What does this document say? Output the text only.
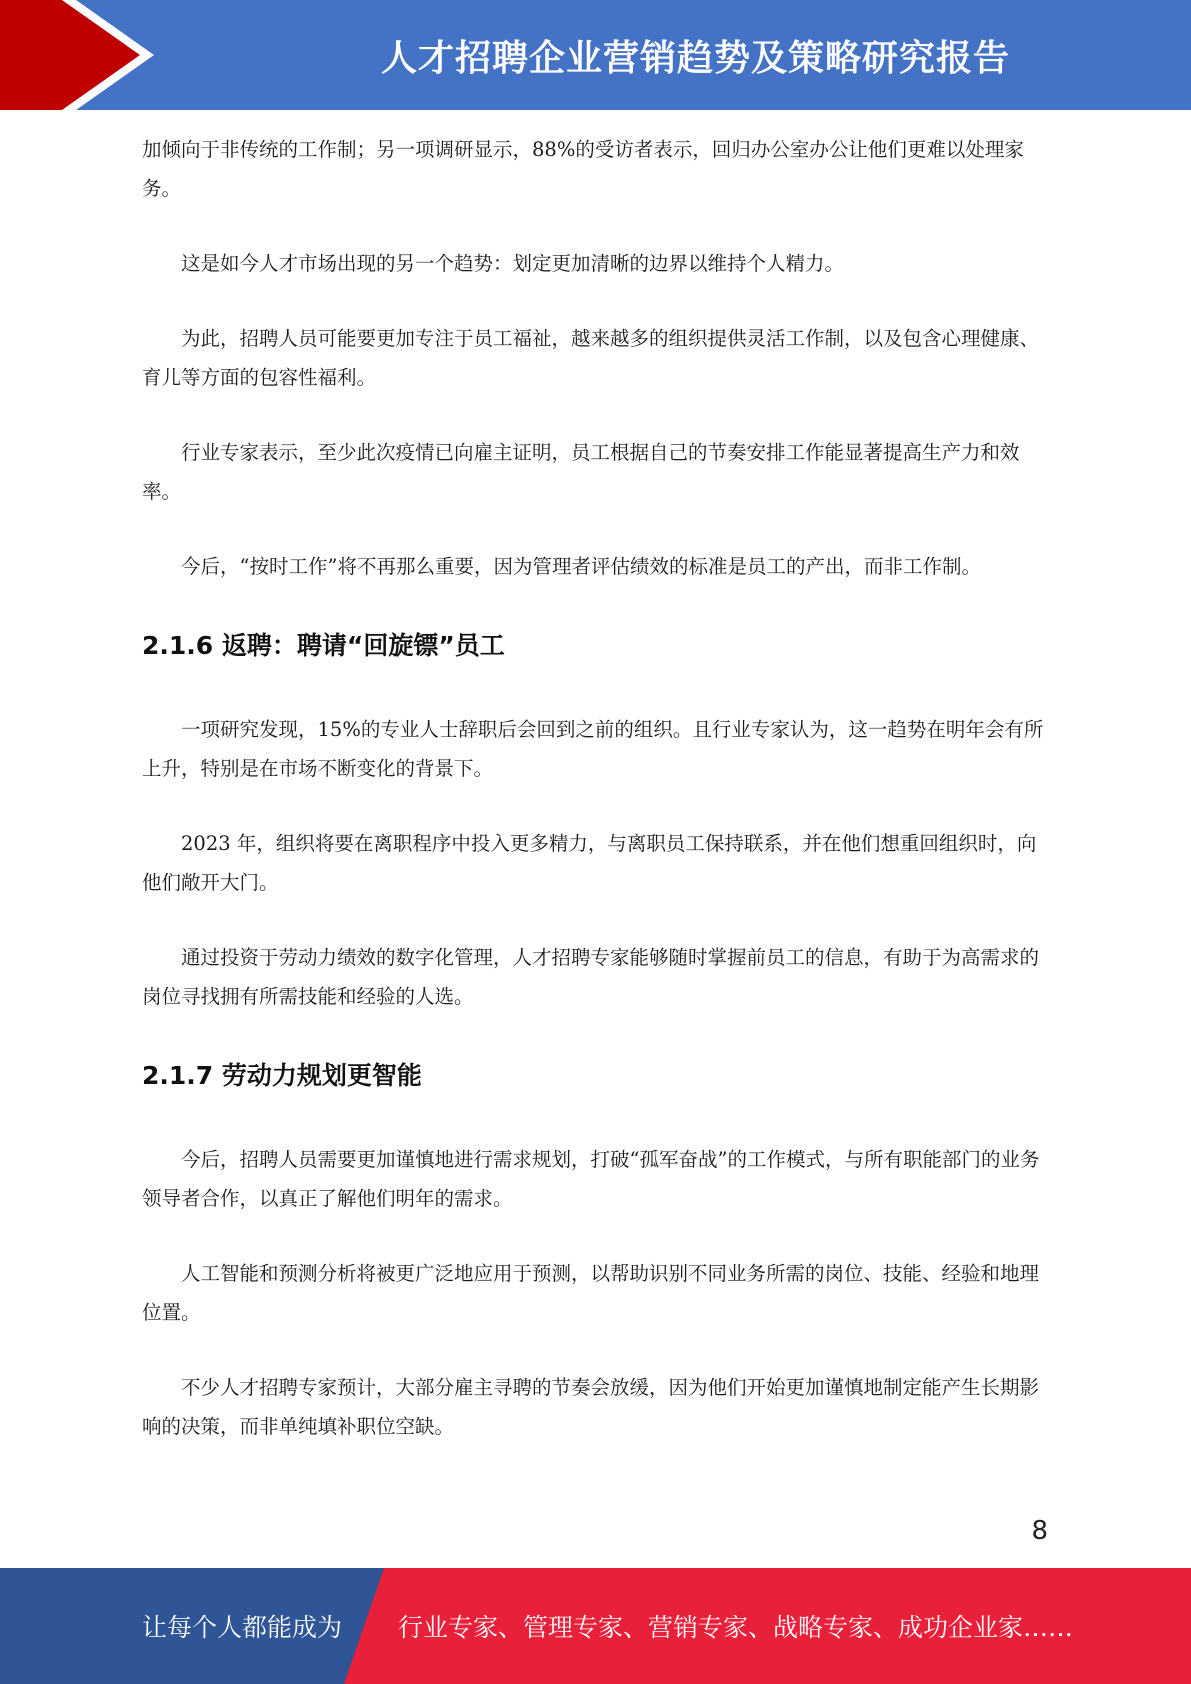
人才招聘企业营销趋势及策略研究报告

加倾向于非传统的工作制；另一项调研显示，88%的受访者表示，回归办公室办公让他们更难以处理家务。

这是如今人才市场出现的另一个趋势：划定更加清晰的边界以维持个人精力。

为此，招聘人员可能要更加专注于员工福祉，越来越多的组织提供灵活工作制，以及包含心理健康、育儿等方面的包容性福利。

行业专家表示，至少此次疫情已向雇主证明，员工根据自己的节奏安排工作能显著提高生产力和效率。

今后，“按时工作”将不再那么重要，因为管理者评估绩效的标准是员工的产出，而非工作制。

2.1.6 返聘：聘请“回旋镖”员工

一项研究发现，15%的专业人士辞职后会回到之前的组织。且行业专家认为，这一趋势在明年会有所上升，特别是在市场不断变化的背景下。

2023 年，组织将要在离职程序中投入更多精力，与离职员工保持联系，并在他们想重回组织时，向他们敞开大门。

通过投资于劳动力绩效的数字化管理，人才招聘专家能够随时掌握前员工的信息，有助于为高需求的岗位寻找拥有所需技能和经验的人选。

2.1.7 劳动力规划更智能

今后，招聘人员需要更加谨慎地进行需求规划，打破“孤军奋战”的工作模式，与所有职能部门的业务领导者合作，以真正了解他们明年的需求。

人工智能和预测分析将被更广泛地应用于预测，以帮助识别不同业务所需的岗位、技能、经验和地理位置。

不少人才招聘专家预计，大部分雇主寻聘的节奏会放缓，因为他们开始更加谨慎地制定能产生长期影响的决策，而非单纯填补职位空缺。

8
让每个人都能成为 行业专家、管理专家、营销专家、战略专家、成功企业家……
